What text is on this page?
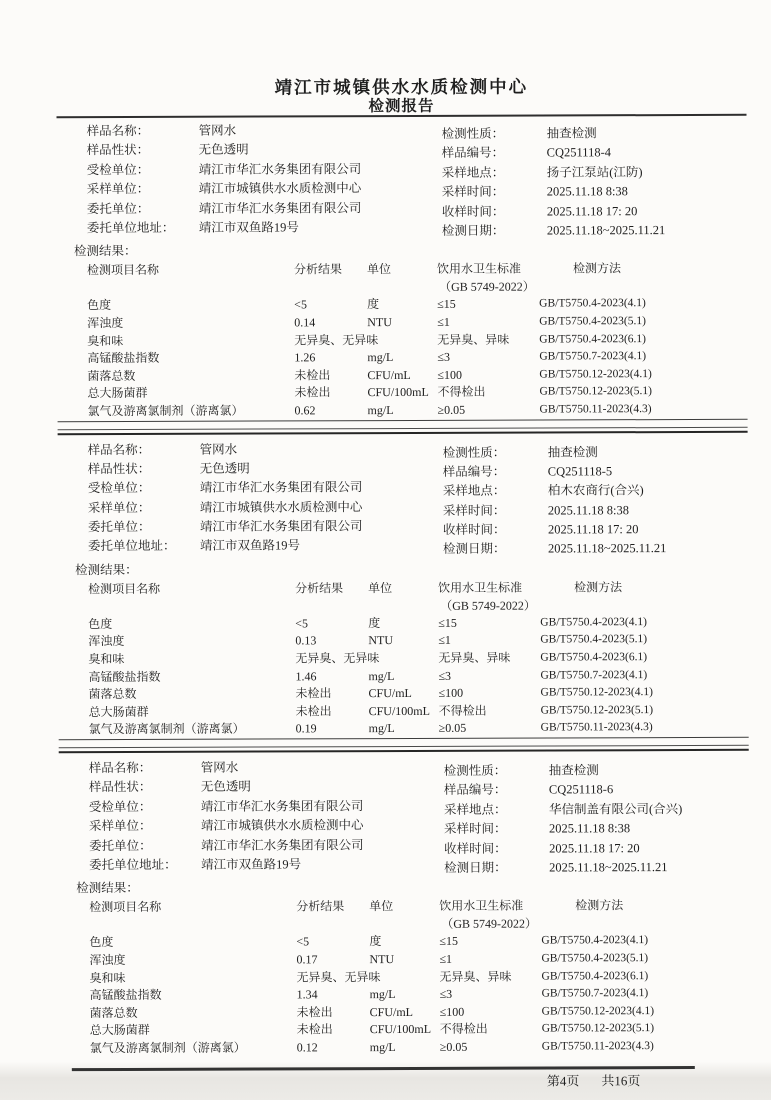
靖江市城镇供水水质检测中心
检测报告
样品名称：	管网水
样品性状：	无色透明
受检单位：	靖江市华汇水务集团有限公司
采样单位：	靖江市城镇供水水质检测中心
委托单位：	靖江市华汇水务集团有限公司
委托单位地址：	靖江市双鱼路19号
检测性质：	抽查检测
样品编号：	CQ251118-4
采样地点：	扬子江泵站(江防)
采样时间：	2025.11.18 8:38
收样时间：	2025.11.18 17: 20
检测日期：	2025.11.18~2025.11.21
检测结果：
检测项目名称	分析结果	单位	饮用水卫生标准
（GB 5749-2022）
检测方法
色度	<5	度	≤15	GB/T5750.4-2023(4.1)
浑浊度	0.14	NTU	≤1	GB/T5750.4-2023(5.1)
臭和味	无异臭、无异味	无异臭、异味	GB/T5750.4-2023(6.1)
高锰酸盐指数	1.26	mg/L	≤3	GB/T5750.7-2023(4.1)
菌落总数	未检出	CFU/mL	≤100	GB/T5750.12-2023(4.1)
总大肠菌群	未检出	CFU/100mL 不得检出	GB/T5750.12-2023(5.1)
氯气及游离氯制剂（游离氯）	0.62	mg/L	≥0.05	GB/T5750.11-2023(4.3)
样品名称：	管网水
样品性状：	无色透明
受检单位：	靖江市华汇水务集团有限公司
采样单位：	靖江市城镇供水水质检测中心
委托单位：	靖江市华汇水务集团有限公司
委托单位地址：	靖江市双鱼路19号
检测性质：	抽查检测
样品编号：	CQ251118-5
采样地点：	柏木农商行(合兴)
采样时间：	2025.11.18 8:38
收样时间：	2025.11.18 17: 20
检测日期：	2025.11.18~2025.11.21
检测结果：
检测项目名称	分析结果	单位	饮用水卫生标准
（GB 5749-2022）
检测方法
色度	<5	度	≤15	GB/T5750.4-2023(4.1)
浑浊度	0.13	NTU	≤1	GB/T5750.4-2023(5.1)
臭和味	无异臭、无异味	无异臭、异味	GB/T5750.4-2023(6.1)
高锰酸盐指数	1.46	mg/L	≤3	GB/T5750.7-2023(4.1)
菌落总数	未检出	CFU/mL	≤100	GB/T5750.12-2023(4.1)
总大肠菌群	未检出	CFU/100mL 不得检出	GB/T5750.12-2023(5.1)
氯气及游离氯制剂（游离氯）	0.19	mg/L	≥0.05	GB/T5750.11-2023(4.3)
样品名称：	管网水
样品性状：	无色透明
受检单位：	靖江市华汇水务集团有限公司
采样单位：	靖江市城镇供水水质检测中心
委托单位：	靖江市华汇水务集团有限公司
委托单位地址：	靖江市双鱼路19号
检测性质：	抽查检测
样品编号：	CQ251118-6
采样地点：	华信制盖有限公司(合兴)
采样时间：	2025.11.18 8:38
收样时间：	2025.11.18 17: 20
检测日期：	2025.11.18~2025.11.21
检测结果：
检测项目名称	分析结果	单位	饮用水卫生标准
（GB 5749-2022）
检测方法
色度	<5	度	≤15	GB/T5750.4-2023(4.1)
浑浊度	0.17	NTU	≤1	GB/T5750.4-2023(5.1)
臭和味	无异臭、无异味	无异臭、异味	GB/T5750.4-2023(6.1)
高锰酸盐指数	1.34	mg/L	≤3	GB/T5750.7-2023(4.1)
菌落总数	未检出	CFU/mL	≤100	GB/T5750.12-2023(4.1)
总大肠菌群	未检出	CFU/100mL 不得检出	GB/T5750.12-2023(5.1)
氯气及游离氯制剂（游离氯）	0.12	mg/L	≥0.05	GB/T5750.11-2023(4.3)
第4页 共16页
